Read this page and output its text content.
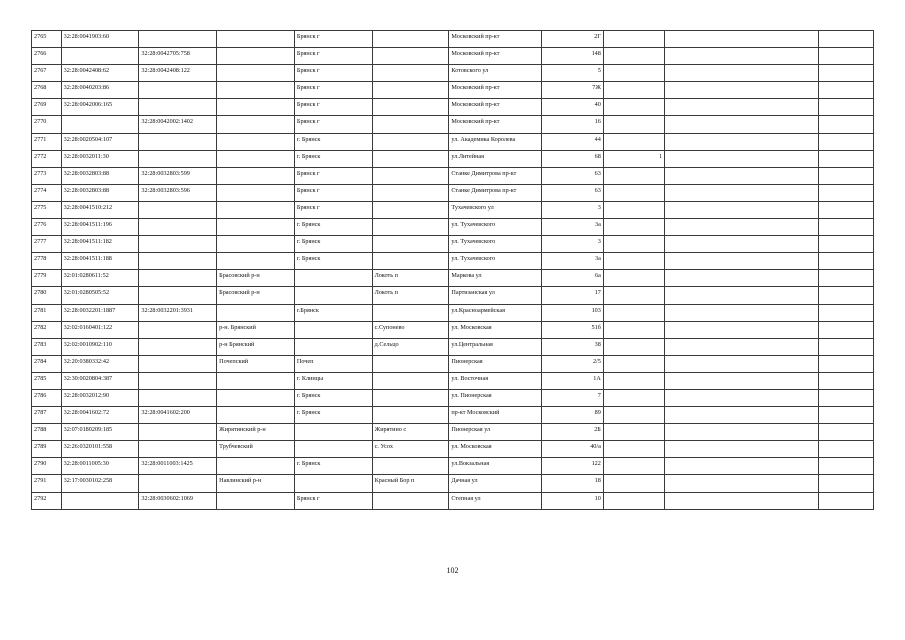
2765	32:28:0041903:60			Брянск г		Московский пр-кт	2Г			
2766		32:28:0042705:758		Брянск г		Московский пр-кт	148			
2767	32:28:0042408:62	32:28:0042408:122		Брянск г		Котовского ул	5			
2768	32:28:0040203:86			Брянск г		Московский пр-кт	7Ж			
2769	32:28:0042006:165			Брянск г		Московский пр-кт	40			
2770		32:28:0042002:1402		Брянск г		Московский пр-кт	16			
2771	32:28:0020504:107			г. Брянск		ул. Академика Королева	44			
2772	32:28:0032011:30			г. Брянск		ул.Литейная	68	1		
2773	32:28:0032803:88	32:28:0032803:599		Брянск г		Станке Димитрова пр-кт	63			
2774	32:28:0032803:88	32:28:0032803:596		Брянск г		Станке Димитрова пр-кт	63			
2775	32:28:0041510:212			Брянск г		Тухачевского ул	3			
2776	32:28:0041511:196			г. Брянск		ул. Тухачевского	3а			
2777	32:28:0041511:182			г. Брянск		ул. Тухачевского	3			
2778	32:28:0041511:188			г. Брянск		ул. Тухачевского	3а			
2779	32:01:0280611:52		Брасовский р-н		Локоть п	Маркова ул	6а			
2780	32:01:0280505:52		Брасовский р-н		Локоть п	Партизанская ул	17			
2781	32:28:0032201:1887	32:28:0032201:3931		г.Брянск		ул.Красноармейская	103			
2782	32:02:0160401:122		р-н. Брянский		с.Супонево	ул. Московская	51б			
2783	32:02:0010902:110		р-н Брянский		д.Сельцо	ул.Центральная	38			
2784	32:20:0380332:42		Почепский	Почеп		Пионерская	2/5			
2785	32:30:0020804:387			г. Клинцы		ул. Восточная	1А			
2786	32:28:0032012:90			г. Брянск		ул. Пионерская	7			
2787	32:28:0041602:72	32:28:0041602:200		г. Брянск		пр-кт Московский	89			
2788	32:07:0180209:185		Жирятинский р-н		Жирятино с	Пионерская ул	2Б			
2789	32:26:0320101:558		Трубчевский		с. Усох	ул. Московская	40/а			
2790	32:28:0011005:30	32:28:0011003:1425		г. Брянск		ул.Вокзальная	122			
2791	32:17:0030102:258		Навлинский р-н		Красный Бор п	Дачная ул	18			
2792		32:28:0030602:1069		Брянск г		Степная ул	10			
102
